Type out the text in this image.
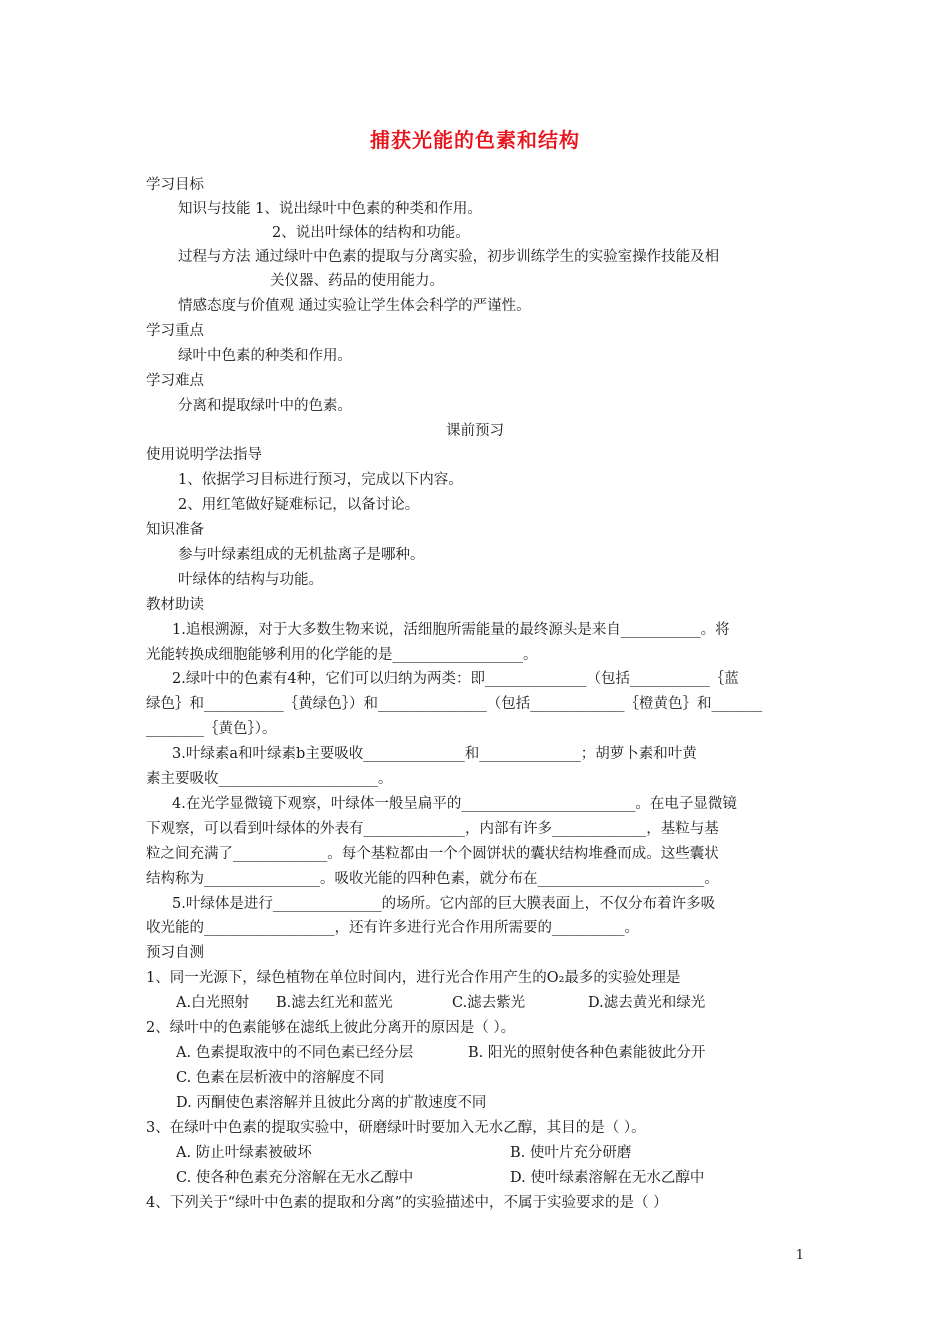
捕获光能的色素和结构
学习目标
知识与技能 1、说出绿叶中色素的种类和作用。
2、说出叶绿体的结构和功能。
过程与方法 通过绿叶中色素的提取与分离实验，初步训练学生的实验室操作技能及相
关仪器、药品的使用能力。
情感态度与价值观 通过实验让学生体会科学的严谨性。
学习重点
绿叶中色素的种类和作用。
学习难点
分离和提取绿叶中的色素。
课前预习
使用说明学法指导
1、依据学习目标进行预习，完成以下内容。
2、用红笔做好疑难标记，以备讨论。
知识准备
参与叶绿素组成的无机盐离子是哪种。
叶绿体的结构与功能。
教材助读
1.追根溯源，对于大多数生物来说，活细胞所需能量的最终源头是来自___________。将
光能转换成细胞能够利用的化学能的是__________________。
2.绿叶中的色素有4种，它们可以归纳为两类：即______________（包括___________｛蓝
绿色｝和___________｛黄绿色｝）和_______________（包括_____________｛橙黄色｝和_______
________｛黄色｝）。
3.叶绿素a和叶绿素b主要吸收______________和______________；胡萝卜素和叶黄
素主要吸收______________________。
4.在光学显微镜下观察，叶绿体一般呈扁平的________________________。在电子显微镜
下观察，可以看到叶绿体的外表有______________，内部有许多_____________，基粒与基
粒之间充满了_____________。每个基粒都由一个个圆饼状的囊状结构堆叠而成。这些囊状
结构称为________________。吸收光能的四种色素，就分布在_______________________。
5.叶绿体是进行_______________的场所。它内部的巨大膜表面上，不仅分布着许多吸
收光能的__________________，还有许多进行光合作用所需要的__________。
预习自测
1、同一光源下，绿色植物在单位时间内，进行光合作用产生的O₂最多的实验处理是
A.白光照射 B.滤去红光和蓝光	C.滤去紫光	D.滤去黄光和绿光
2、绿叶中的色素能够在滤纸上彼此分离开的原因是（ ）。
A. 色素提取液中的不同色素已经分层	B. 阳光的照射使各种色素能彼此分开
C. 色素在层析液中的溶解度不同
D. 丙酮使色素溶解并且彼此分离的扩散速度不同
3、在绿叶中色素的提取实验中，研磨绿叶时要加入无水乙醇，其目的是（ ）。
A. 防止叶绿素被破坏	B. 使叶片充分研磨
C. 使各种色素充分溶解在无水乙醇中	D. 使叶绿素溶解在无水乙醇中
4、下列关于“绿叶中色素的提取和分离”的实验描述中，不属于实验要求的是（ ）
1
